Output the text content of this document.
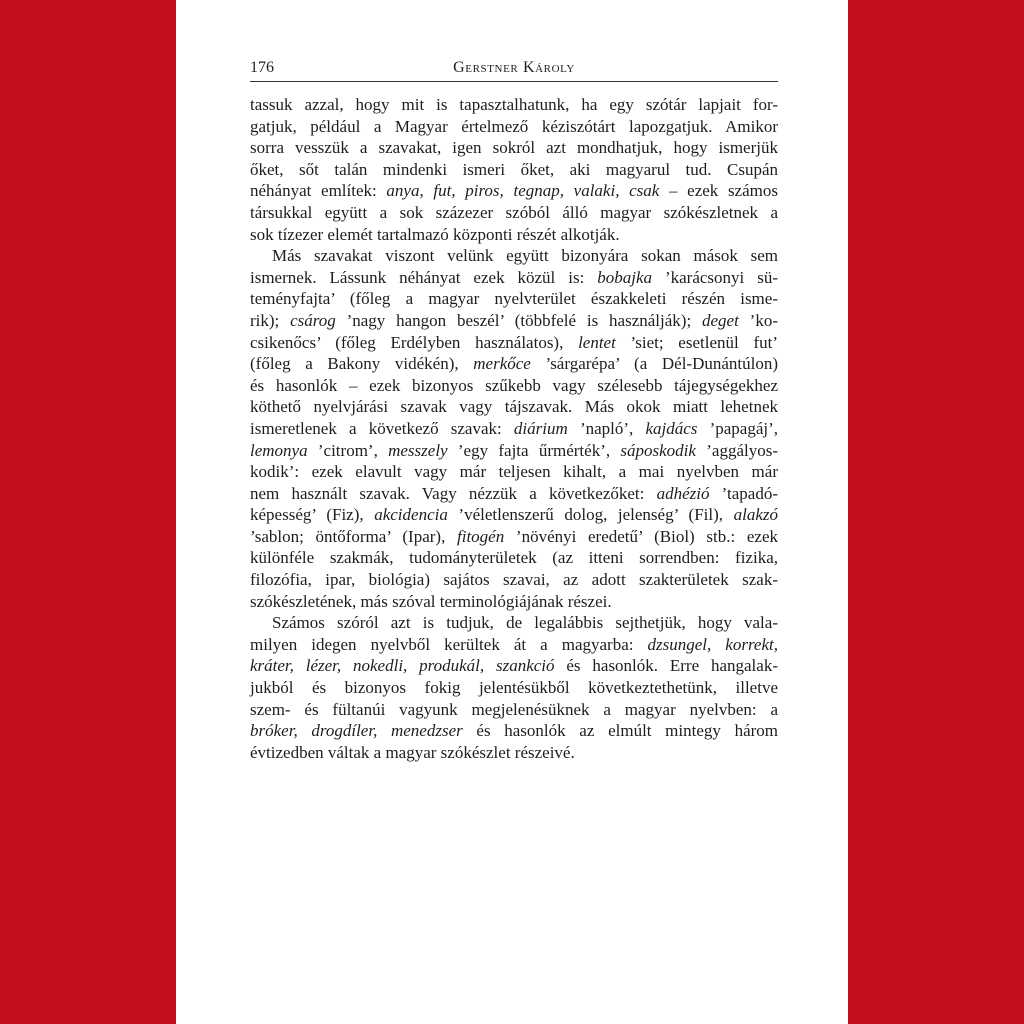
176	Gerstner Károly
tassuk azzal, hogy mit is tapasztalhatunk, ha egy szótár lapjait for-
gatjuk, például a Magyar értelmező kéziszótárt lapozgatjuk. Amikor
sorra vesszük a szavakat, igen sokról azt mondhatjuk, hogy ismerjük
őket, sőt talán mindenki ismeri őket, aki magyarul tud. Csupán
néhányat említek: anya, fut, piros, tegnap, valaki, csak – ezek számos
társukkal együtt a sok százezer szóból álló magyar szókészletnek a
sok tízezer elemét tartalmazó központi részét alkotják.
Más szavakat viszont velünk együtt bizonyára sokan mások sem
ismernek. Lássunk néhányat ezek közül is: bobajka ’karácsonyi sü-
teményfajta’ (főleg a magyar nyelvterület északkeleti részén isme-
rik); csárog ’nagy hangon beszél’ (többfelé is használják); deget ’ko-
csikenőcs’ (főleg Erdélyben használatos), lentet ’siet; esetlenül fut’
(főleg a Bakony vidékén), merkőce ’sárgarépa’ (a Dél-Dunántúlon)
és hasonlók – ezek bizonyos szűkebb vagy szélesebb tájegységekhez
köthető nyelvjárási szavak vagy tájszavak. Más okok miatt lehetnek
ismeretlenek a következő szavak: diárium ’napló’, kajdács ’papagáj’,
lemonya ’citrom’, messzely ’egy fajta űrmérték’, sáposkodik ’aggályos-
kodik’: ezek elavult vagy már teljesen kihalt, a mai nyelvben már
nem használt szavak. Vagy nézzük a következőket: adhézió ’tapadó-
képesség’ (Fiz), akcidencia ’véletlenszerű dolog, jelenség’ (Fil), alakzó
’sablon; öntőforma’ (Ipar), fitogén ’növényi eredetű’ (Biol) stb.: ezek
különféle szakmák, tudományterületek (az itteni sorrendben: fizika,
filozófia, ipar, biológia) sajátos szavai, az adott szakterületek szak-
szókészletének, más szóval terminológiájának részei.
Számos szóról azt is tudjuk, de legalábbis sejthetjük, hogy vala-
milyen idegen nyelvből kerültek át a magyarba: dzsungel, korrekt,
kráter, lézer, nokedli, produkál, szankció és hasonlók. Erre hangalak-
jukból és bizonyos fokig jelentésükből következtethetünk, illetve
szem- és fültanúi vagyunk megjelenésüknek a magyar nyelvben: a
bróker, drogdíler, menedzser és hasonlók az elmúlt mintegy három
évtizedben váltak a magyar szókészlet részeivé.
